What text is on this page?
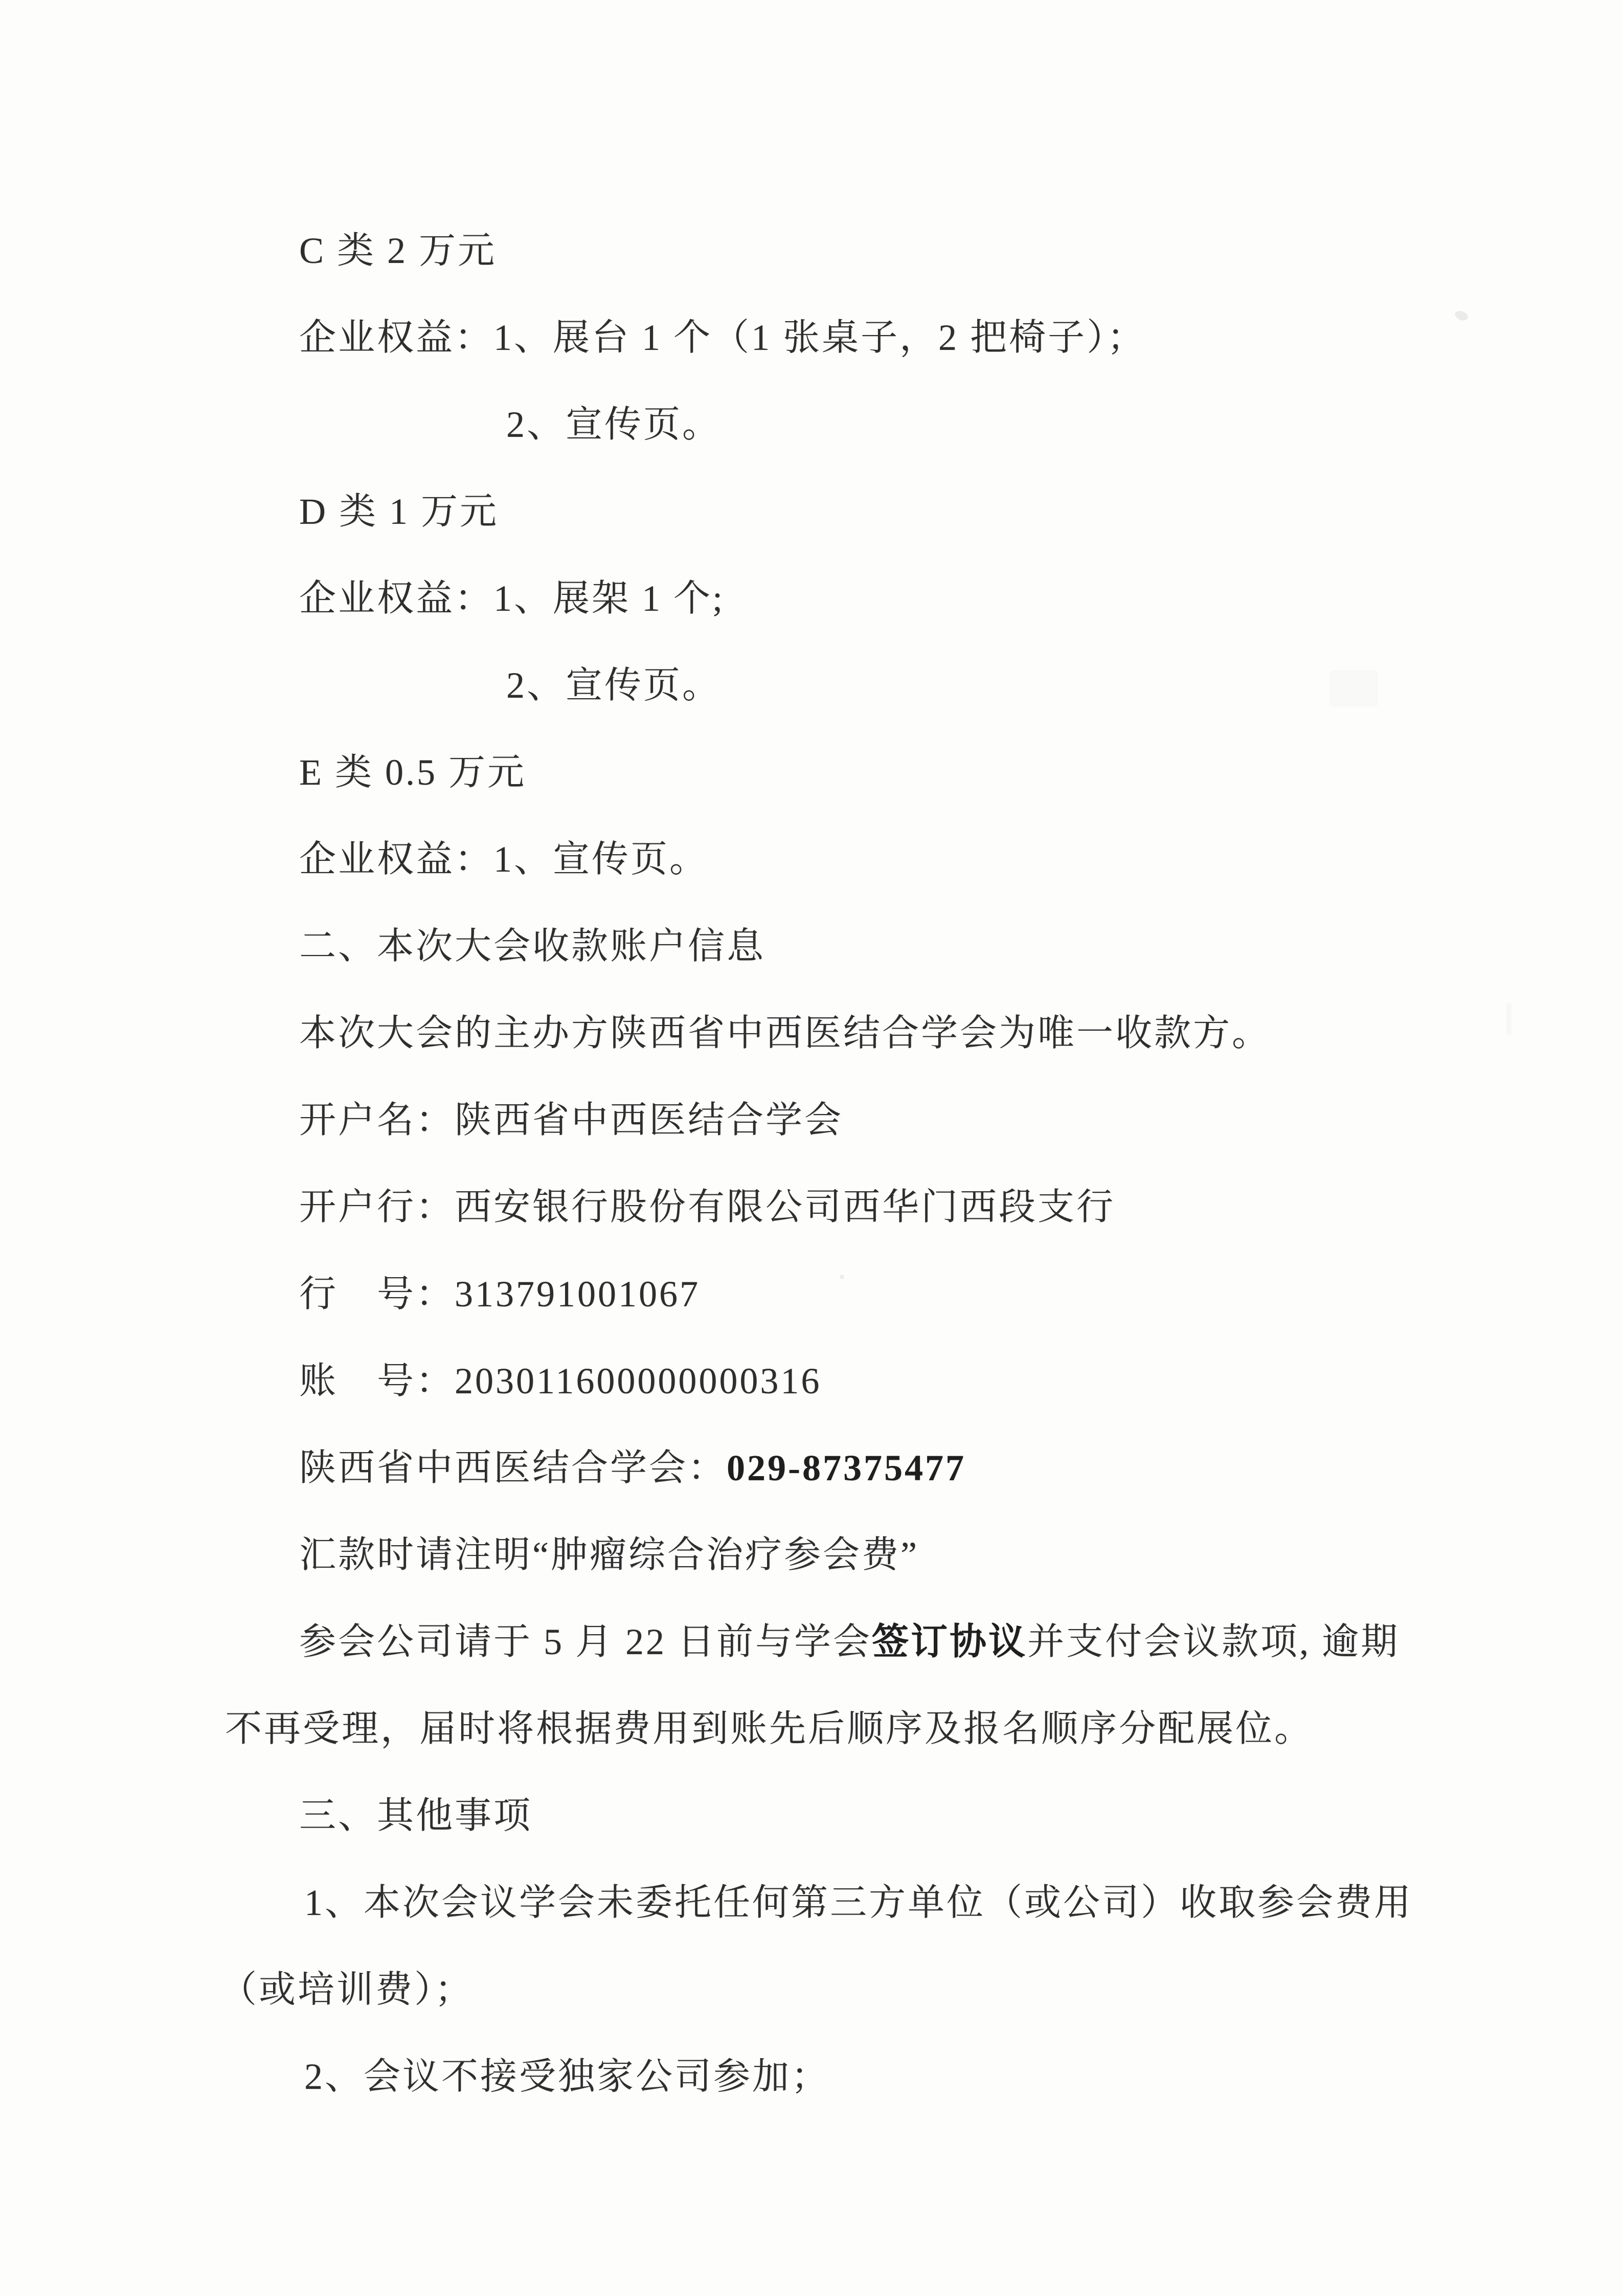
C 类 2 万元
企业权益：1、展台 1 个（1 张桌子，2 把椅子）；
2、宣传页。
D 类 1 万元
企业权益：1、展架 1 个;
2、宣传页。
E 类 0.5 万元
企业权益：1、宣传页。
二、本次大会收款账户信息
本次大会的主办方陕西省中西医结合学会为唯一收款方。
开户名：陕西省中西医结合学会
开户行：西安银行股份有限公司西华门西段支行
行　号：313791001067
账　号：203011600000000316
陕西省中西医结合学会：029-87375477
汇款时请注明“肿瘤综合治疗参会费”
参会公司请于 5 月 22 日前与学会签订协议并支付会议款项, 逾期
不再受理，届时将根据费用到账先后顺序及报名顺序分配展位。
三、其他事项
1、本次会议学会未委托任何第三方单位（或公司）收取参会费用
（或培训费）；
2、会议不接受独家公司参加；
